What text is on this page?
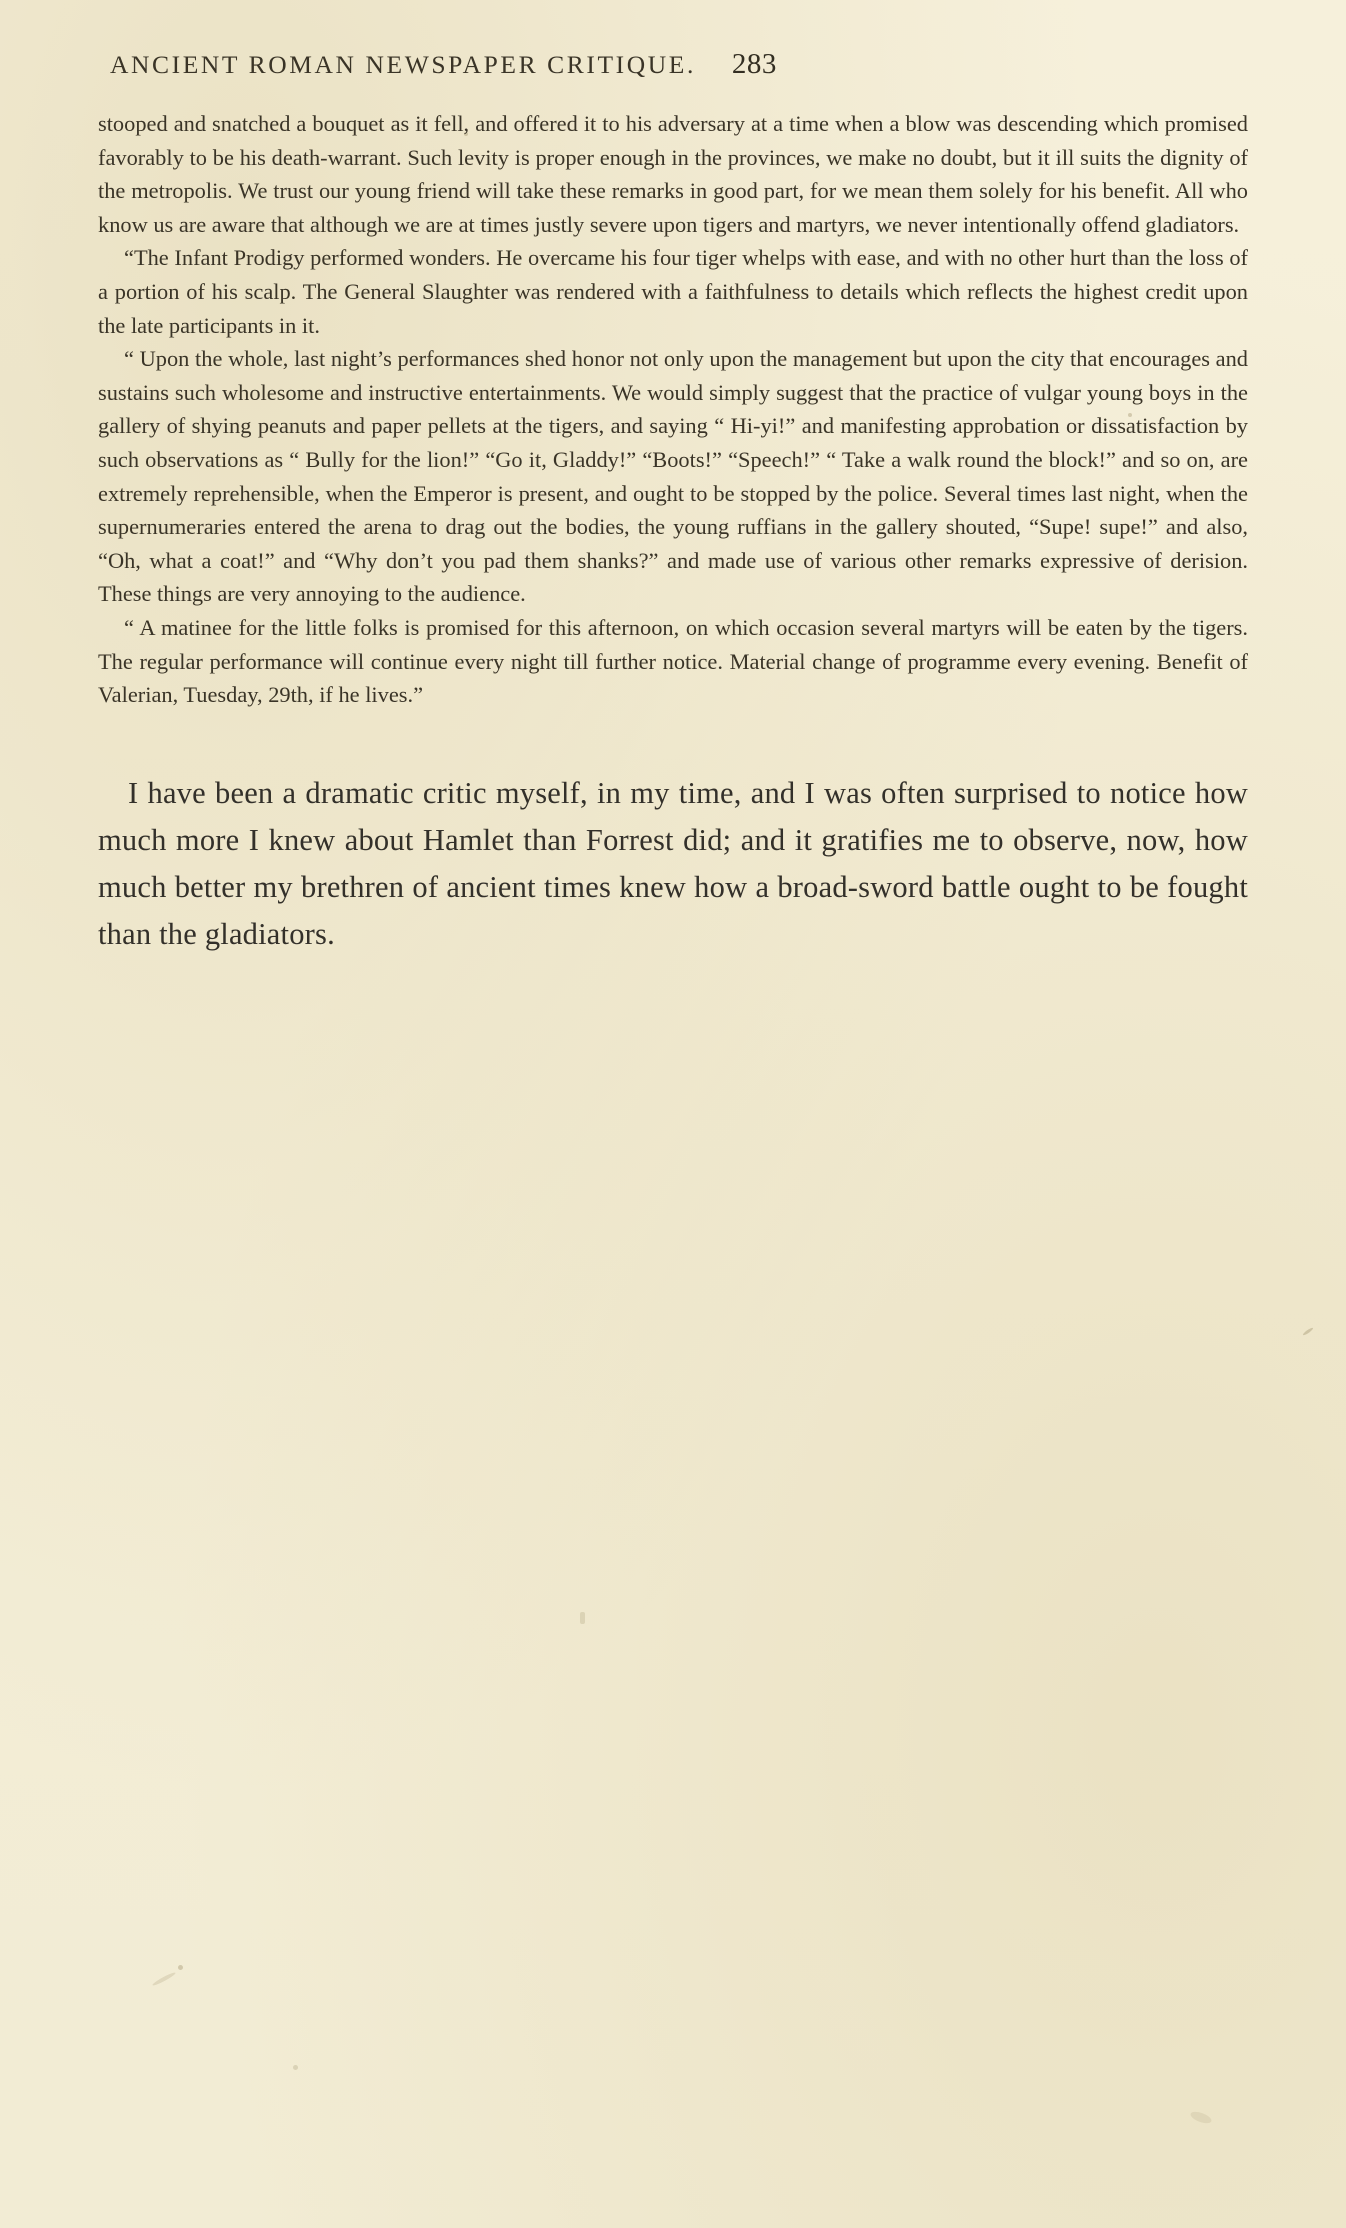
ANCIENT ROMAN NEWSPAPER CRITIQUE. 283

stooped and snatched a bouquet as it fell, and offered it to his adversary at a time when a blow was descending which promised favorably to be his death-warrant. Such levity is proper enough in the provinces, we make no doubt, but it ill suits the dignity of the metropolis. We trust our young friend will take these remarks in good part, for we mean them solely for his benefit. All who know us are aware that although we are at times justly severe upon tigers and martyrs, we never intentionally offend gladiators.

“The Infant Prodigy performed wonders. He overcame his four tiger whelps with ease, and with no other hurt than the loss of a portion of his scalp. The General Slaughter was rendered with a faithfulness to details which reflects the highest credit upon the late participants in it.

“ Upon the whole, last night’s performances shed honor not only upon the management but upon the city that encourages and sustains such wholesome and instructive entertainments. We would simply suggest that the practice of vulgar young boys in the gallery of shying peanuts and paper pellets at the tigers, and saying “ Hi-yi!” and manifesting approbation or dissatisfaction by such observations as “ Bully for the lion!” “Go it, Gladdy!” “Boots!” “Speech!” “ Take a walk round the block!” and so on, are extremely reprehensible, when the Emperor is present, and ought to be stopped by the police. Several times last night, when the supernumeraries entered the arena to drag out the bodies, the young ruffians in the gallery shouted, “Supe! supe!” and also, “Oh, what a coat!” and “Why don’t you pad them shanks?” and made use of various other remarks expressive of derision. These things are very annoying to the audience.

“ A matinee for the little folks is promised for this afternoon, on which occasion several martyrs will be eaten by the tigers. The regular performance will continue every night till further notice. Material change of programme every evening. Benefit of Valerian, Tuesday, 29th, if he lives.”

I have been a dramatic critic myself, in my time, and I was often surprised to notice how much more I knew about Hamlet than Forrest did; and it gratifies me to observe, now, how much better my brethren of ancient times knew how a broad-sword battle ought to be fought than the gladiators.
